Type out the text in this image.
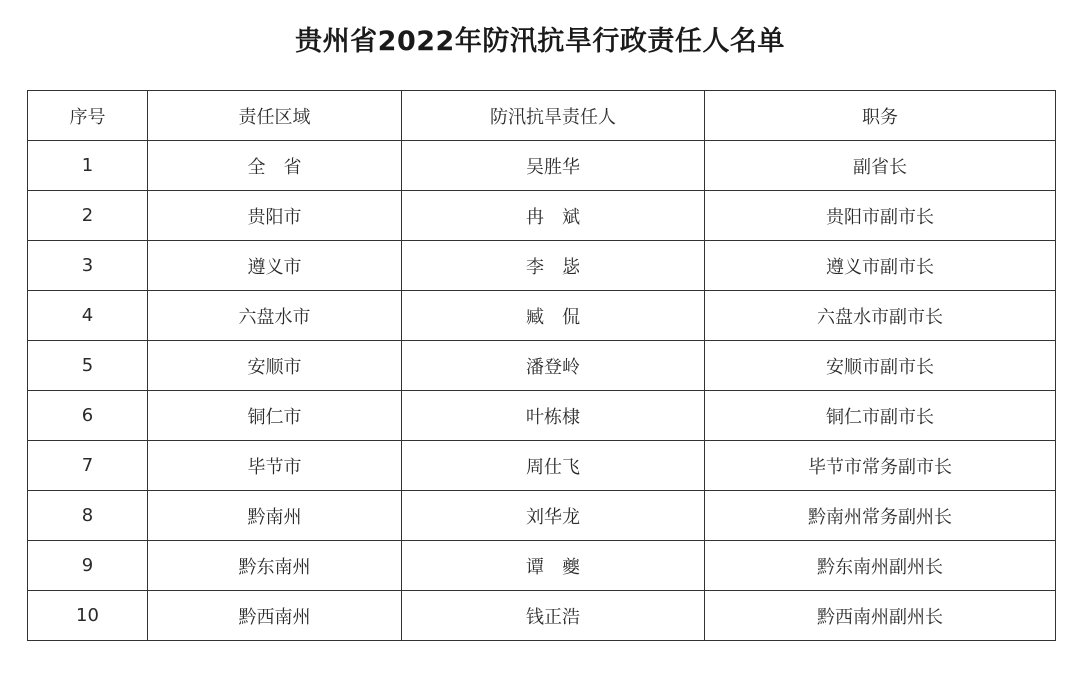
贵州省2022年防汛抗旱行政责任人名单
序号	责任区域	防汛抗旱责任人	职务
1	全　省	吴胜华	副省长
2	贵阳市	冉　斌	贵阳市副市长
3	遵义市	李　毖	遵义市副市长
4	六盘水市	臧　侃	六盘水市副市长
5	安顺市	潘登岭	安顺市副市长
6	铜仁市	叶栋棣	铜仁市副市长
7	毕节市	周仕飞	毕节市常务副市长
8	黔南州	刘华龙	黔南州常务副州长
9	黔东南州	谭　夔	黔东南州副州长
10	黔西南州	钱正浩	黔西南州副州长
